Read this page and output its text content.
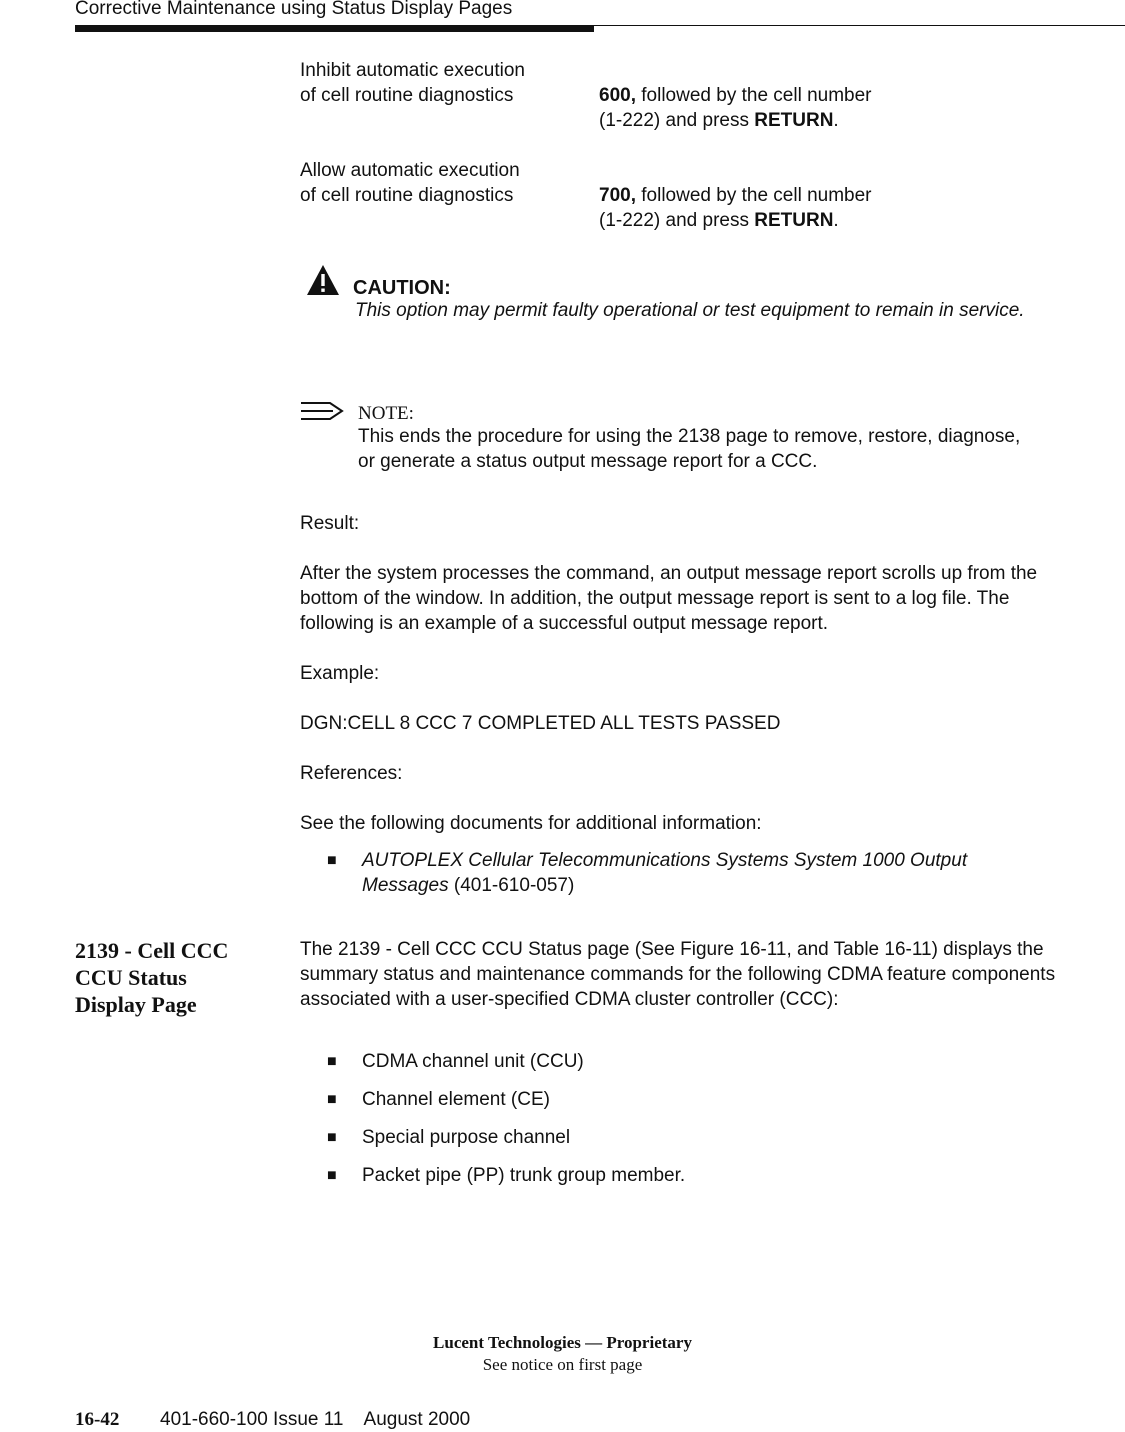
Corrective Maintenance using Status Display Pages
Inhibit automatic execution
of cell routine diagnostics	600, followed by the cell number
(1-222) and press RETURN.
Allow automatic execution
of cell routine diagnostics	700, followed by the cell number
(1-222) and press RETURN.
CAUTION:
This option may permit faulty operational or test equipment to remain in service.
NOTE:
This ends the procedure for using the 2138 page to remove, restore, diagnose, or generate a status output message report for a CCC.
Result:
After the system processes the command, an output message report scrolls up from the bottom of the window. In addition, the output message report is sent to a log file. The following is an example of a successful output message report.
Example:
DGN:CELL 8 CCC 7 COMPLETED ALL TESTS PASSED
References:
See the following documents for additional information:
■	AUTOPLEX Cellular Telecommunications Systems System 1000 Output Messages (401-610-057)
2139 - Cell CCC CCU Status Display Page
The 2139 - Cell CCC CCU Status page (See Figure 16-11, and Table 16-11) displays the summary status and maintenance commands for the following CDMA feature components associated with a user-specified CDMA cluster controller (CCC):
■	CDMA channel unit (CCU)
■	Channel element (CE)
■	Special purpose channel
■	Packet pipe (PP) trunk group member.
Lucent Technologies — Proprietary
See notice on first page
16-42 401-660-100 Issue 11    August 2000
